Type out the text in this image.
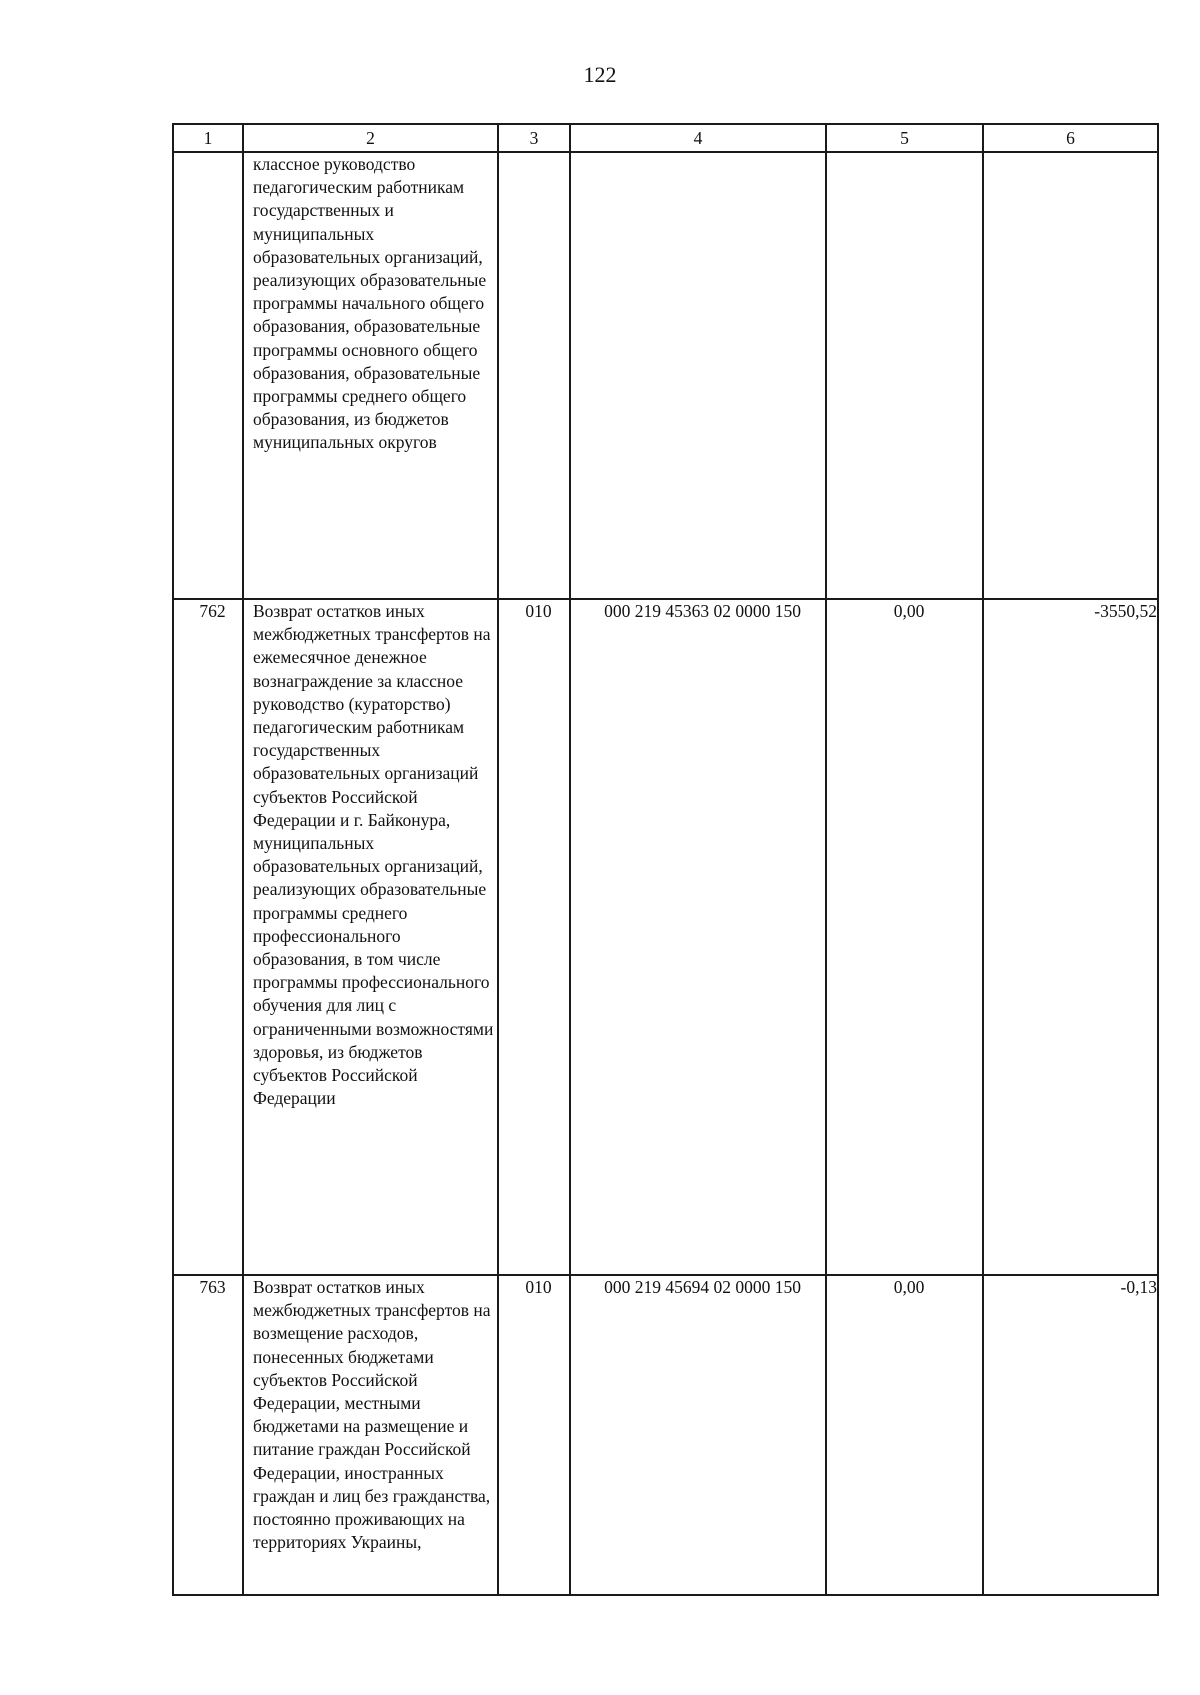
122
1	2	3	4	5	6

	классное руководство педагогическим работникам государственных и муниципальных образовательных организаций, реализующих образовательные программы начального общего образования, образовательные программы основного общего образования, образовательные программы среднего общего образования, из бюджетов муниципальных округов				

762	Возврат остатков иных межбюджетных трансфертов на ежемесячное денежное вознаграждение за классное руководство (кураторство) педагогическим работникам государственных образовательных организаций субъектов Российской Федерации и г. Байконура, муниципальных образовательных организаций, реализующих образовательные программы среднего профессионального образования, в том числе программы профессионального обучения для лиц с ограниченными возможностями здоровья, из бюджетов субъектов Российской Федерации	010	000 219 45363 02 0000 150	0,00	-3550,52
763	Возврат остатков иных межбюджетных трансфертов на возмещение расходов, понесенных бюджетами субъектов Российской Федерации, местными бюджетами на размещение и питание граждан Российской Федерации, иностранных граждан и лиц без гражданства, постоянно проживающих на территориях Украины,	010	000 219 45694 02 0000 150	0,00	-0,13
